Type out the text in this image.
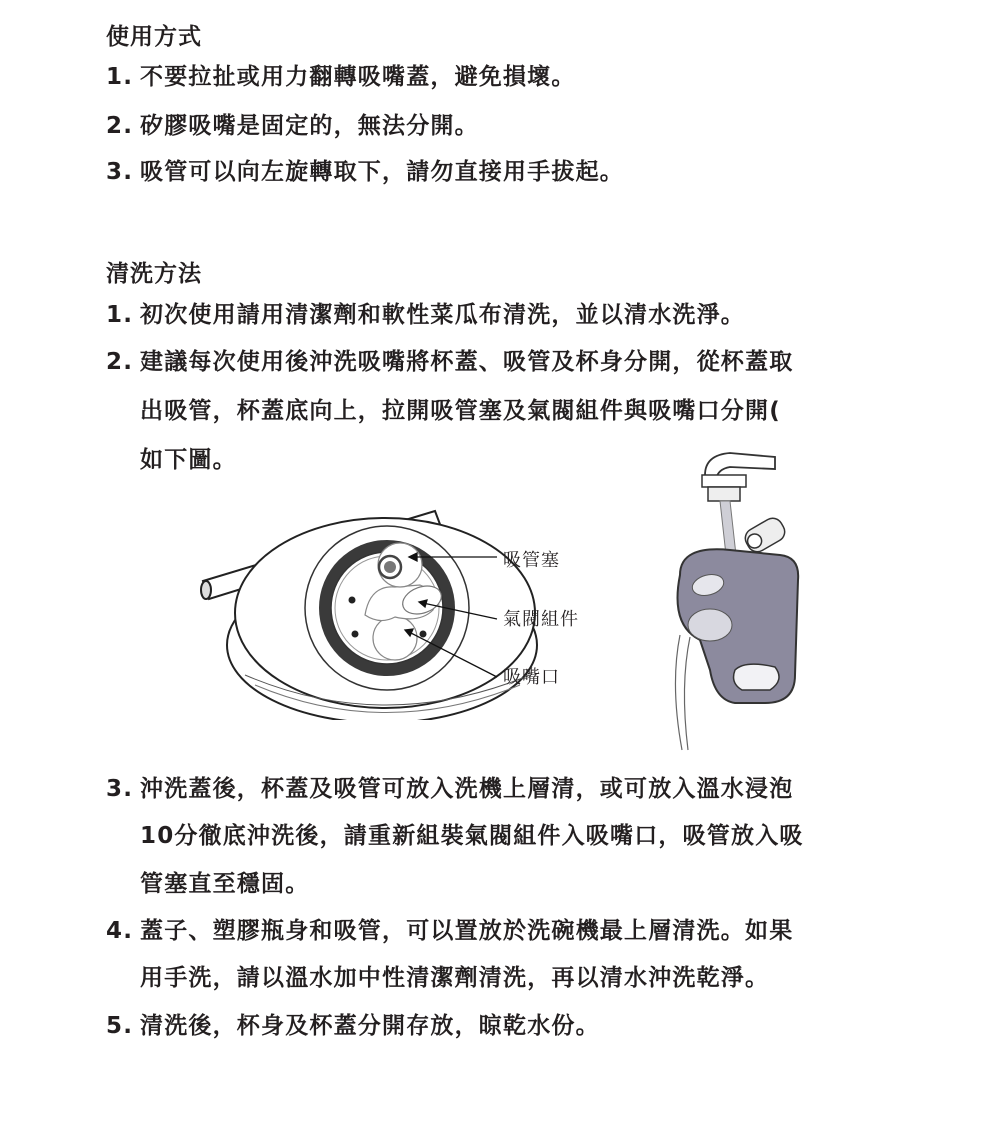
使用方式
1. 不要拉扯或用力翻轉吸嘴蓋，避免損壞。
2. 矽膠吸嘴是固定的，無法分開。
3. 吸管可以向左旋轉取下，請勿直接用手拔起。
清洗方法
1. 初次使用請用清潔劑和軟性菜瓜布清洗，並以清水洗淨。
2. 建議每次使用後沖洗吸嘴將杯蓋、吸管及杯身分開，從杯蓋取
出吸管，杯蓋底向上，拉開吸管塞及氣閥組件與吸嘴口分開(
如下圖。
吸管塞
氣閥組件
吸嘴口
3. 沖洗蓋後，杯蓋及吸管可放入洗機上層清，或可放入溫水浸泡
10分徹底沖洗後，請重新組裝氣閥組件入吸嘴口，吸管放入吸
管塞直至穩固。
4. 蓋子、塑膠瓶身和吸管，可以置放於洗碗機最上層清洗。如果
用手洗，請以溫水加中性清潔劑清洗，再以清水沖洗乾淨。
5. 清洗後，杯身及杯蓋分開存放，晾乾水份。
